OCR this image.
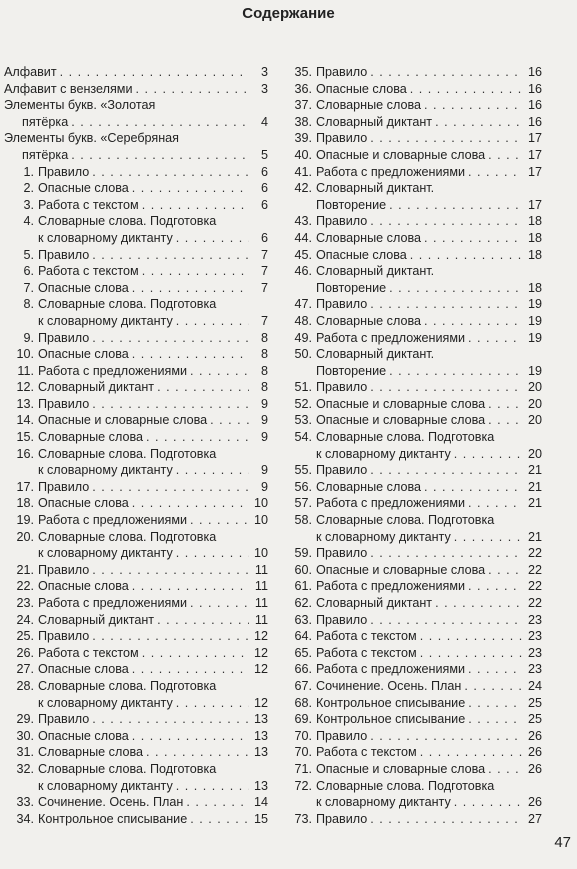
Содержание
Алфавит . . .	3
Алфавит с вензелями . . .	3
Элементы букв. «Золотая
пятёрка . . .	4
Элементы букв. «Серебряная
пятёрка . . .	5
1. Правило . . .	6
2. Опасные слова . . .	6
3. Работа с текстом . . .	6
4. Словарные слова. Подготовка
к словарному диктанту . . .	6
5. Правило . . .	7
6. Работа с текстом . . .	7
7. Опасные слова . . .	7
8. Словарные слова. Подготовка
к словарному диктанту . . .	7
9. Правило . . .	8
10. Опасные слова . . .	8
11. Работа с предложениями . . .	8
12. Словарный диктант . . .	8
13. Правило . . .	9
14. Опасные и словарные слова . . .	9
15. Словарные слова . . .	9
16. Словарные слова. Подготовка
к словарному диктанту . . .	9
17. Правило . . .	9
18. Опасные слова . . .	10
19. Работа с предложениями . . .	10
20. Словарные слова. Подготовка
к словарному диктанту . . .	10
21. Правило . . .	11
22. Опасные слова . . .	11
23. Работа с предложениями . . .	11
24. Словарный диктант . . .	11
25. Правило . . .	12
26. Работа с текстом . . .	12
27. Опасные слова . . .	12
28. Словарные слова. Подготовка
к словарному диктанту . . .	12
29. Правило . . .	13
30. Опасные слова . . .	13
31. Словарные слова . . .	13
32. Словарные слова. Подготовка
к словарному диктанту . . .	13
33. Сочинение. Осень. План . . .	14
34. Контрольное списывание . . .	15
35. Правило . . .	16
36. Опасные слова . . .	16
37. Словарные слова . . .	16
38. Словарный диктант . . .	16
39. Правило . . .	17
40. Опасные и словарные слова . . .	17
41. Работа с предложениями . . .	17
42. Словарный диктант.
Повторение . . .	17
43. Правило . . .	18
44. Словарные слова . . .	18
45. Опасные слова . . .	18
46. Словарный диктант.
Повторение . . .	18
47. Правило . . .	19
48. Словарные слова . . .	19
49. Работа с предложениями . . .	19
50. Словарный диктант.
Повторение . . .	19
51. Правило . . .	20
52. Опасные и словарные слова . . .	20
53. Опасные и словарные слова . . .	20
54. Словарные слова. Подготовка
к словарному диктанту . . .	20
55. Правило . . .	21
56. Словарные слова . . .	21
57. Работа с предложениями . . .	21
58. Словарные слова. Подготовка
к словарному диктанту . . .	21
59. Правило . . .	22
60. Опасные и словарные слова . . .	22
61. Работа с предложениями . . .	22
62. Словарный диктант . . .	22
63. Правило . . .	23
64. Работа с текстом . . .	23
65. Работа с текстом . . .	23
66. Работа с предложениями . . .	23
67. Сочинение. Осень. План . . .	24
68. Контрольное списывание . . .	25
69. Контрольное списывание . . .	25
70. Правило . . .	26
70. Работа с текстом . . .	26
71. Опасные и словарные слова . . .	26
72. Словарные слова. Подготовка
к словарному диктанту . . .	26
73. Правило . . .	27
47
